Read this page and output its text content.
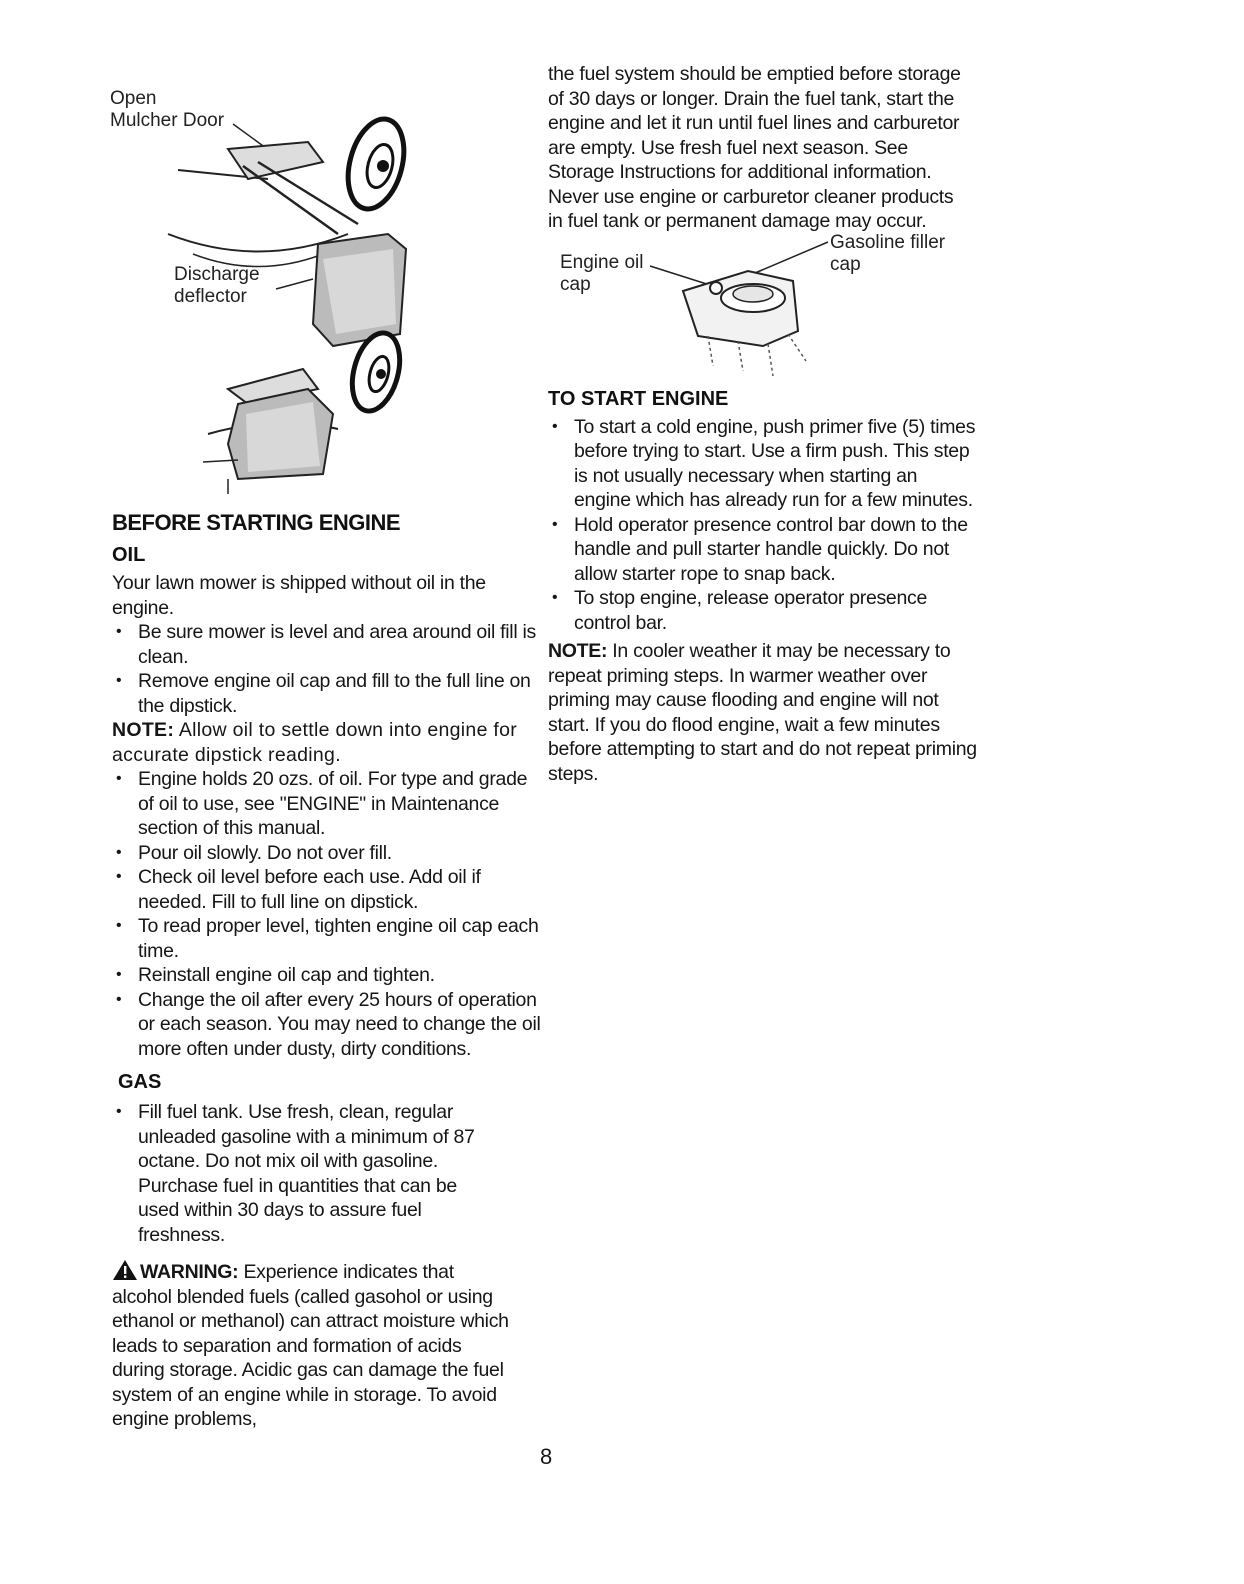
Open
Mulcher Door
Discharge
deflector
BEFORE STARTING ENGINE
OIL

Your lawn mower is shipped without oil in the engine.

• Be sure mower is level and area around oil fill is clean.
• Remove engine oil cap and fill to the full line on the dipstick.

NOTE: Allow oil to settle down into engine for accurate dipstick reading.

• Engine holds 20 ozs. of oil. For type and grade of oil to use, see "ENGINE" in Maintenance section of this manual.
• Pour oil slowly. Do not over fill.
• Check oil level before each use. Add oil if needed. Fill to full line on dipstick.
• To read proper level, tighten engine oil cap each time.
• Reinstall engine oil cap and tighten.
• Change the oil after every 25 hours of operation or each season. You may need to change the oil more often under dusty, dirty conditions.
GAS
• Fill fuel tank. Use fresh, clean, regular unleaded gasoline with a minimum of 87 octane. Do not mix oil with gasoline. Purchase fuel in quantities that can be used within 30 days to assure fuel freshness.

WARNING: Experience indicates that alcohol blended fuels (called gasohol or using ethanol or methanol) can attract moisture which leads to separation and formation of acids during storage. Acidic gas can damage the fuel system of an engine while in storage. To avoid engine problems,

the fuel system should be emptied before storage of 30 days or longer. Drain the fuel tank, start the engine and let it run until fuel lines and carburetor are empty. Use fresh fuel next season. See Storage Instructions for additional information. Never use engine or carburetor cleaner products in fuel tank or permanent damage may occur.

Engine oil
cap
Gasoline filler
cap
TO START ENGINE
• To start a cold engine, push primer five (5) times before trying to start. Use a firm push. This step is not usually necessary when starting an engine which has already run for a few minutes.
• Hold operator presence control bar down to the handle and pull starter handle quickly. Do not allow starter rope to snap back.
• To stop engine, release operator presence control bar.

NOTE: In cooler weather it may be necessary to repeat priming steps. In warmer weather over priming may cause flooding and engine will not start. If you do flood engine, wait a few minutes before attempting to start and do not repeat priming steps.

8
